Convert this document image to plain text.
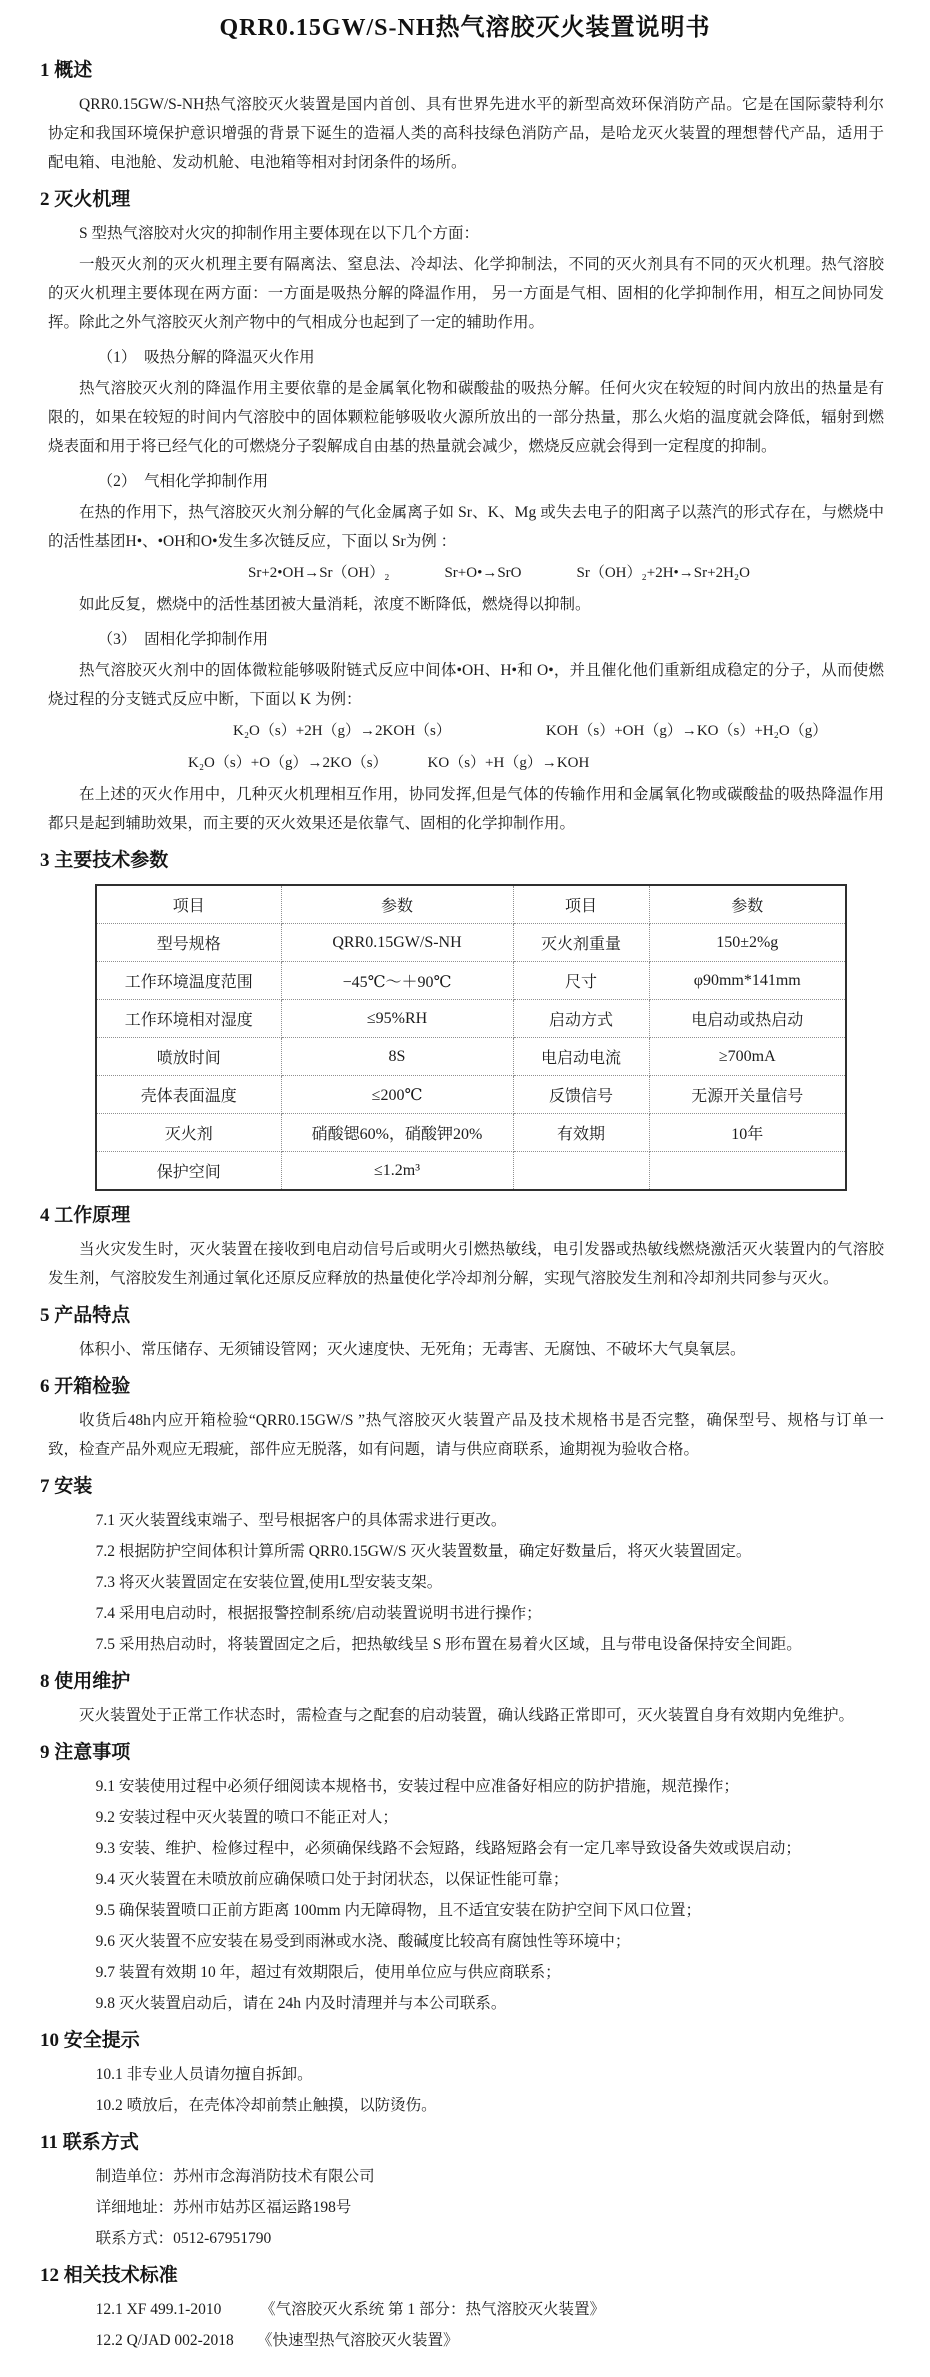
QRR0.15GW/S-NH热气溶胶灭火装置说明书
1 概述

QRR0.15GW/S-NH热气溶胶灭火装置是国内首创、具有世界先进水平的新型高效环保消防产品。它是在国际蒙特利尔协定和我国环境保护意识增强的背景下诞生的造福人类的高科技绿色消防产品，是哈龙灭火装置的理想替代产品，适用于配电箱、电池舱、发动机舱、电池箱等相对封闭条件的场所。

2 灭火机理

S 型热气溶胶对火灾的抑制作用主要体现在以下几个方面：

一般灭火剂的灭火机理主要有隔离法、窒息法、冷却法、化学抑制法，不同的灭火剂具有不同的灭火机理。热气溶胶的灭火机理主要体现在两方面：一方面是吸热分解的降温作用， 另一方面是气相、固相的化学抑制作用，相互之间协同发挥。除此之外气溶胶灭火剂产物中的气相成分也起到了一定的辅助作用。

（1）　吸热分解的降温灭火作用

热气溶胶灭火剂的降温作用主要依靠的是金属氧化物和碳酸盐的吸热分解。任何火灾在较短的时间内放出的热量是有限的，如果在较短的时间内气溶胶中的固体颗粒能够吸收火源所放出的一部分热量，那么火焰的温度就会降低，辐射到燃烧表面和用于将已经气化的可燃烧分子裂解成自由基的热量就会减少，燃烧反应就会得到一定程度的抑制。

（2）　气相化学抑制作用

在热的作用下，热气溶胶灭火剂分解的气化金属离子如 Sr、K、Mg 或失去电子的阳离子以蒸汽的形式存在，与燃烧中的活性基团H•、•OH和O•发生多次链反应，下面以 Sr为例 ：

Sr+2•OH→Sr（OH）₂	Sr+O•→SrO	Sr（OH）₂+2H•→Sr+2H₂O

如此反复，燃烧中的活性基团被大量消耗，浓度不断降低，燃烧得以抑制。

（3）　固相化学抑制作用

热气溶胶灭火剂中的固体微粒能够吸附链式反应中间体•OH、H•和 O•，并且催化他们重新组成稳定的分子，从而使燃烧过程的分支链式反应中断，下面以 K 为例：

K₂O（s）+2H（g）→2KOH（s）	KOH（s）+OH（g）→KO（s）+H₂O（g）
K₂O（s）+O（g）→2KO（s）	KO（s）+H（g）→KOH

在上述的灭火作用中，几种灭火机理相互作用，协同发挥,但是气体的传输作用和金属氧化物或碳酸盐的吸热降温作用都只是起到辅助效果，而主要的灭火效果还是依靠气、固相的化学抑制作用。

3 主要技术参数
项目	参数	项目	参数
型号规格	QRR0.15GW/S-NH	灭火剂重量	150±2%g
工作环境温度范围	−45℃～＋90℃	尺寸	φ90mm*141mm
工作环境相对湿度	≤95%RH	启动方式	电启动或热启动
喷放时间	8S	电启动电流	≥700mA
壳体表面温度	≤200℃	反馈信号	无源开关量信号
灭火剂	硝酸锶60%，硝酸钾20%	有效期	10年
保护空间	≤1.2m³		
4 工作原理

当火灾发生时，灭火装置在接收到电启动信号后或明火引燃热敏线，电引发器或热敏线燃烧激活灭火装置内的气溶胶发生剂，气溶胶发生剂通过氧化还原反应释放的热量使化学冷却剂分解，实现气溶胶发生剂和冷却剂共同参与灭火。

5 产品特点

体积小、常压储存、无须铺设管网；灭火速度快、无死角；无毒害、无腐蚀、不破坏大气臭氧层。

6 开箱检验

收货后48h内应开箱检验“QRR0.15GW/S ”热气溶胶灭火装置产品及技术规格书是否完整，确保型号、规格与订单一致，检查产品外观应无瑕疵，部件应无脱落，如有问题，请与供应商联系，逾期视为验收合格。

7 安装

7.1 灭火装置线束端子、型号根据客户的具体需求进行更改。

7.2 根据防护空间体积计算所需 QRR0.15GW/S 灭火装置数量，确定好数量后，将灭火装置固定。

7.3 将灭火装置固定在安装位置,使用L型安装支架。

7.4 采用电启动时，根据报警控制系统/启动装置说明书进行操作；

7.5 采用热启动时，将装置固定之后，把热敏线呈 S 形布置在易着火区域，且与带电设备保持安全间距。

8 使用维护

灭火装置处于正常工作状态时，需检查与之配套的启动装置，确认线路正常即可，灭火装置自身有效期内免维护。

9 注意事项

9.1 安装使用过程中必须仔细阅读本规格书，安装过程中应准备好相应的防护措施，规范操作；

9.2 安装过程中灭火装置的喷口不能正对人；

9.3 安装、维护、检修过程中，必须确保线路不会短路，线路短路会有一定几率导致设备失效或误启动；

9.4 灭火装置在未喷放前应确保喷口处于封闭状态，以保证性能可靠；

9.5 确保装置喷口正前方距离 100mm 内无障碍物，且不适宜安装在防护空间下风口位置；

9.6 灭火装置不应安装在易受到雨淋或水浇、酸碱度比较高有腐蚀性等环境中；

9.7 装置有效期 10 年，超过有效期限后，使用单位应与供应商联系；

9.8 灭火装置启动后，请在 24h 内及时清理并与本公司联系。

10 安全提示

10.1 非专业人员请勿擅自拆卸。

10.2 喷放后，在壳体冷却前禁止触摸，以防烫伤。

11 联系方式

制造单位：苏州市念海消防技术有限公司

详细地址：苏州市姑苏区福运路198号

联系方式：0512-67951790

12 相关技术标准

12.1 XF 499.1-2010　　　《气溶胶灭火系统 第 1 部分：热气溶胶灭火装置》

12.2 Q/JAD 002-2018　　《快速型热气溶胶灭火装置》
